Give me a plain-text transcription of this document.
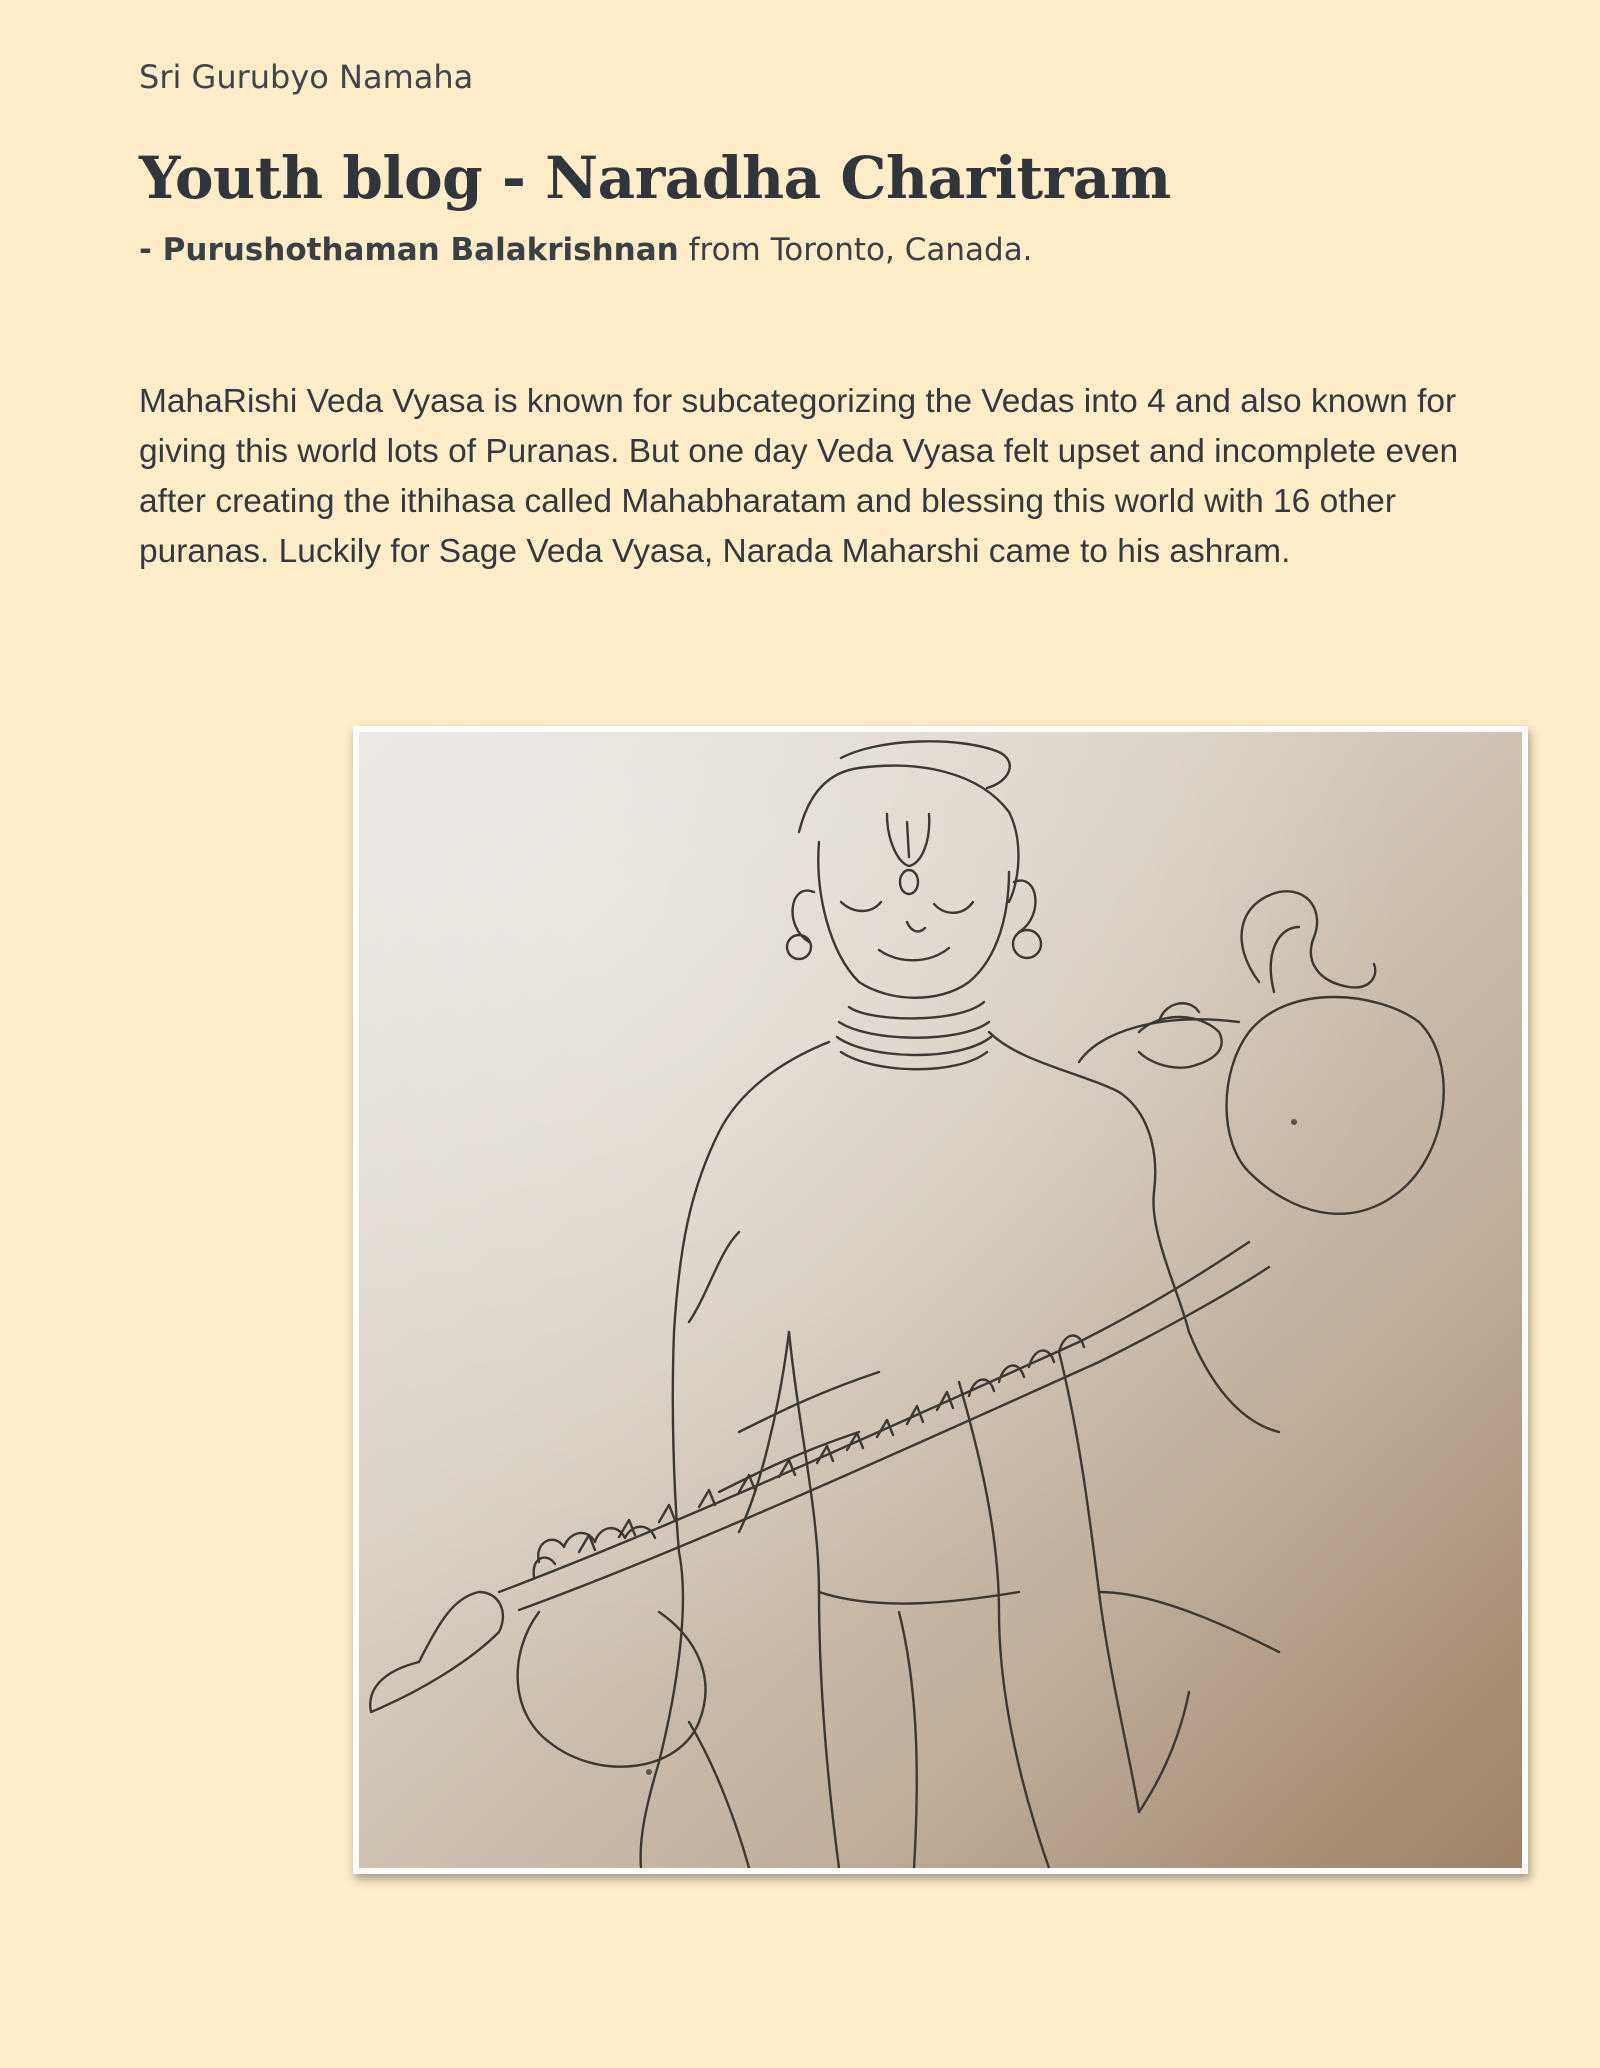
Sri Gurubyo Namaha
Youth blog - Naradha Charitram
- Purushothaman Balakrishnan from Toronto, Canada.

MahaRishi Veda Vyasa is known for subcategorizing the Vedas into 4 and also known for giving this world lots of Puranas. But one day Veda Vyasa felt upset and incomplete even after creating the ithihasa called Mahabharatam and blessing this world with 16 other puranas. Luckily for Sage Veda Vyasa, Narada Maharshi came to his ashram.
